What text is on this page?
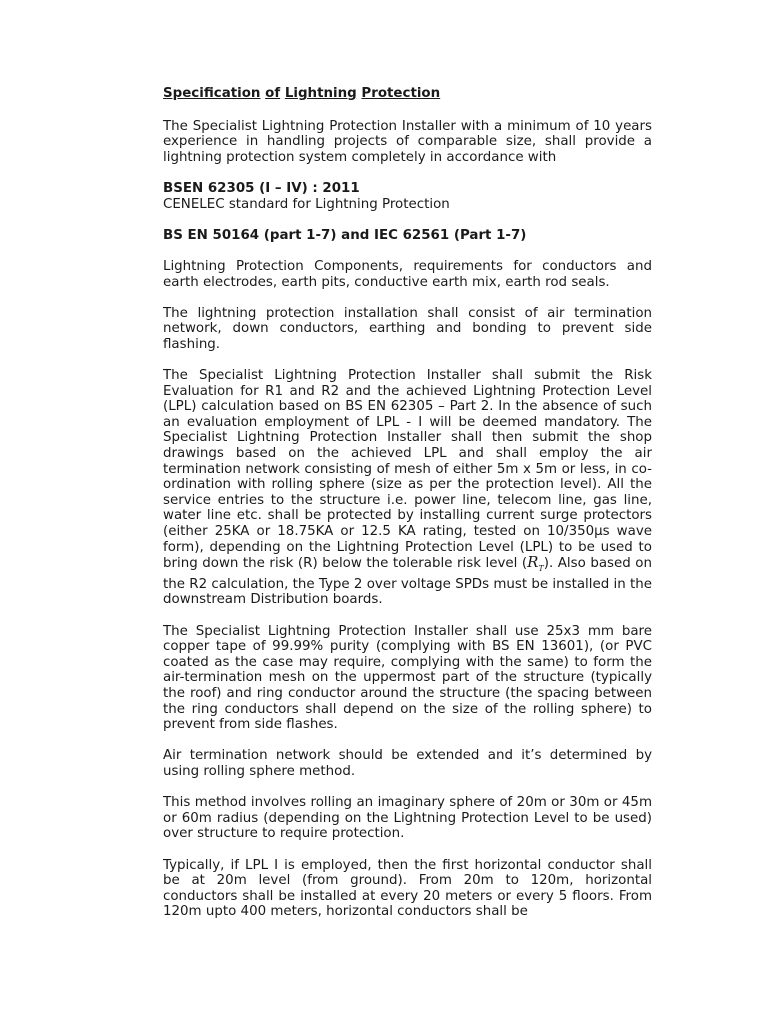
Specification of Lightning Protection

The Specialist Lightning Protection Installer with a minimum of 10 years experience in handling projects of comparable size, shall provide a lightning protection system completely in accordance with

BSEN 62305 (I – IV) : 2011
CENELEC standard for Lightning Protection
BS EN 50164 (part 1-7) and IEC 62561 (Part 1-7)

Lightning Protection Components, requirements for conductors and earth electrodes, earth pits, conductive earth mix, earth rod seals.

The lightning protection installation shall consist of air termination network, down conductors, earthing and bonding to prevent side flashing.

The Specialist Lightning Protection Installer shall submit the Risk Evaluation for R1 and R2 and the achieved Lightning Protection Level (LPL) calculation based on BS EN 62305 – Part 2. In the absence of such an evaluation employment of LPL - I will be deemed mandatory. The Specialist Lightning Protection Installer shall then submit the shop drawings based on the achieved LPL and shall employ the air termination network consisting of mesh of either 5m x 5m or less, in co-ordination with rolling sphere (size as per the protection level). All the service entries to the structure i.e. power line, telecom line, gas line, water line etc. shall be protected by installing current surge protectors (either 25KA or 18.75KA or 12.5 KA rating, tested on 10/350μs wave form), depending on the Lightning Protection Level (LPL) to be used to bring down the risk (R) below the tolerable risk level $(R_T)$. Also based on the R2 calculation, the Type 2 over voltage SPDs must be installed in the downstream Distribution boards.

The Specialist Lightning Protection Installer shall use 25x3 mm bare copper tape of 99.99% purity (complying with BS EN 13601), (or PVC coated as the case may require, complying with the same) to form the air-termination mesh on the uppermost part of the structure (typically the roof) and ring conductor around the structure (the spacing between the ring conductors shall depend on the size of the rolling sphere) to prevent from side flashes.

Air termination network should be extended and it’s determined by using rolling sphere method.

This method involves rolling an imaginary sphere of 20m or 30m or 45m or 60m radius (depending on the Lightning Protection Level to be used) over structure to require protection.

Typically, if LPL I is employed, then the first horizontal conductor shall be at 20m level (from ground). From 20m to 120m, horizontal conductors shall be installed at every 20 meters or every 5 floors. From 120m upto 400 meters, horizontal conductors shall be
